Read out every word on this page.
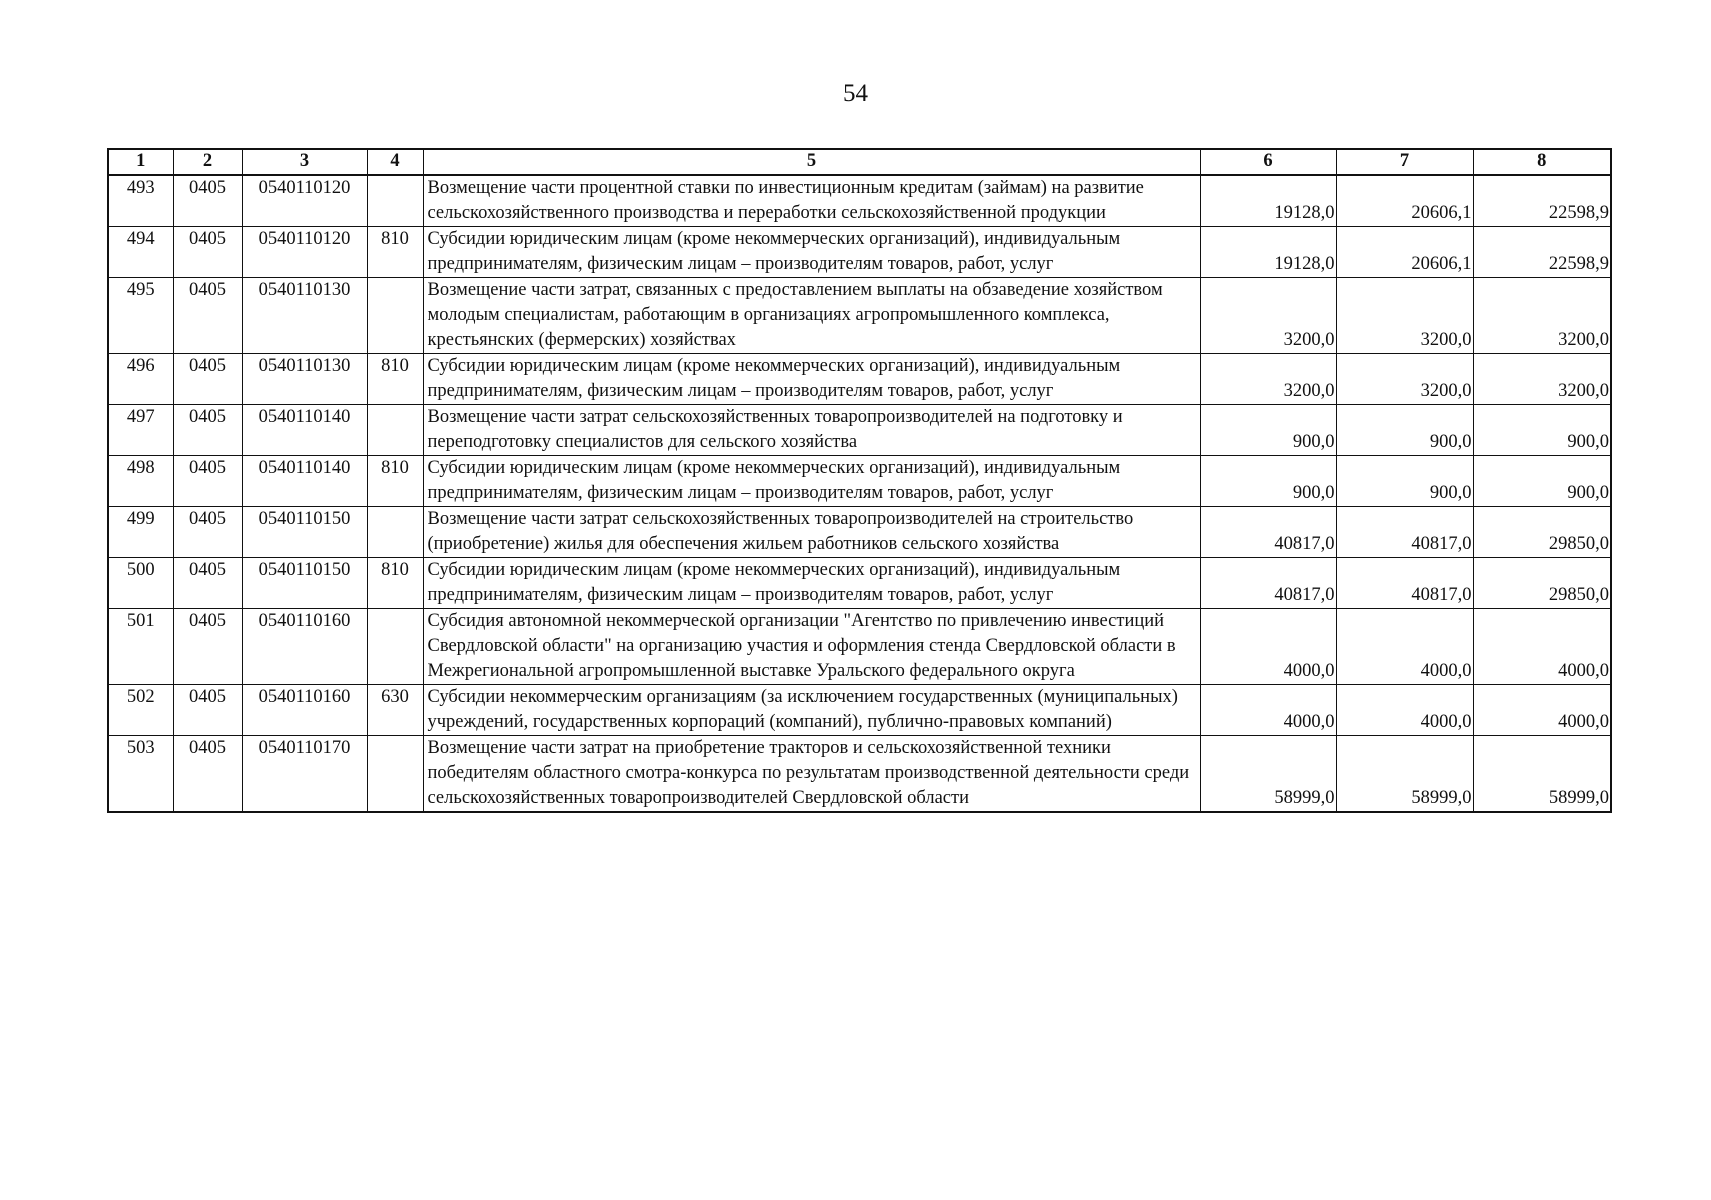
54
1	2	3	4	5	6	7	8
493	0405	0540110120		Возмещение части процентной ставки по инвестиционным кредитам (займам) на развитие сельскохозяйственного производства и переработки сельскохозяйственной продукции	19128,0	20606,1	22598,9
494	0405	0540110120	810	Субсидии юридическим лицам (кроме некоммерческих организаций), индивидуальным предпринимателям, физическим лицам – производителям товаров, работ, услуг	19128,0	20606,1	22598,9
495	0405	0540110130		Возмещение части затрат, связанных с предоставлением выплаты на обзаведение хозяйством молодым специалистам, работающим в организациях агропромышленного комплекса, крестьянских (фермерских) хозяйствах	3200,0	3200,0	3200,0
496	0405	0540110130	810	Субсидии юридическим лицам (кроме некоммерческих организаций), индивидуальным предпринимателям, физическим лицам – производителям товаров, работ, услуг	3200,0	3200,0	3200,0
497	0405	0540110140		Возмещение части затрат сельскохозяйственных товаропроизводителей на подготовку и переподготовку специалистов для сельского хозяйства	900,0	900,0	900,0
498	0405	0540110140	810	Субсидии юридическим лицам (кроме некоммерческих организаций), индивидуальным предпринимателям, физическим лицам – производителям товаров, работ, услуг	900,0	900,0	900,0
499	0405	0540110150		Возмещение части затрат сельскохозяйственных товаропроизводителей на строительство (приобретение) жилья для обеспечения жильем работников сельского хозяйства	40817,0	40817,0	29850,0
500	0405	0540110150	810	Субсидии юридическим лицам (кроме некоммерческих организаций), индивидуальным предпринимателям, физическим лицам – производителям товаров, работ, услуг	40817,0	40817,0	29850,0
501	0405	0540110160		Субсидия автономной некоммерческой организации "Агентство по привлечению инвестиций Свердловской области" на организацию участия и оформления стенда Свердловской области в Межрегиональной агропромышленной выставке Уральского федерального округа	4000,0	4000,0	4000,0
502	0405	0540110160	630	Субсидии некоммерческим организациям (за исключением государственных (муниципальных) учреждений, государственных корпораций (компаний), публично-правовых компаний)	4000,0	4000,0	4000,0
503	0405	0540110170		Возмещение части затрат на приобретение тракторов и сельскохозяйственной техники победителям областного смотра-конкурса по результатам производственной деятельности среди сельскохозяйственных товаропроизводителей Свердловской области	58999,0	58999,0	58999,0
